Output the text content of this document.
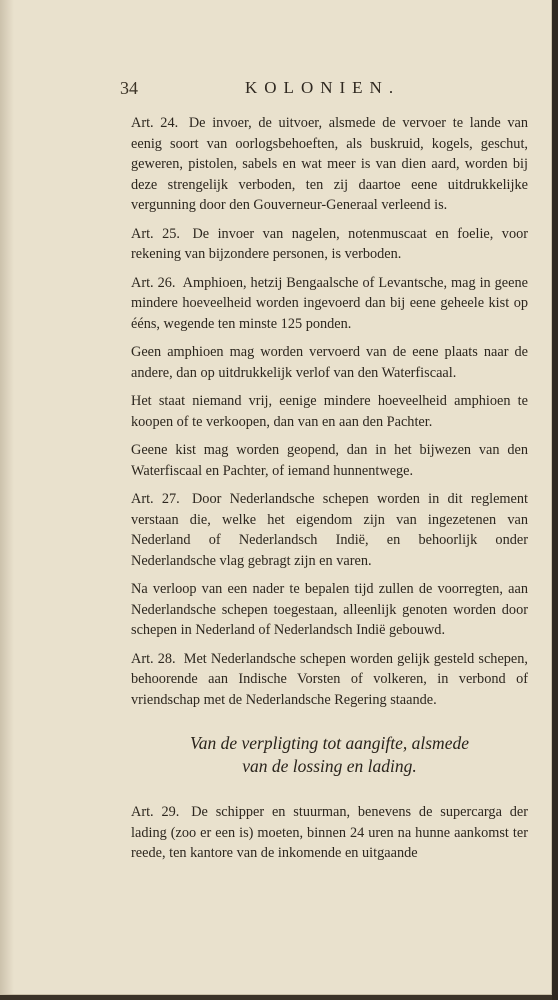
34	KOLONIEN.

Art. 24. De invoer, de uitvoer, alsmede de vervoer te lande van eenig soort van oorlogsbehoeften, als buskruid, kogels, geschut, geweren, pistolen, sabels en wat meer is van dien aard, worden bij deze strengelijk verboden, ten zij daartoe eene uitdrukkelijke vergunning door den Gouverneur-Generaal verleend is.

Art. 25. De invoer van nagelen, notenmuscaat en foelie, voor rekening van bijzondere personen, is verboden.

Art. 26. Amphioen, hetzij Bengaalsche of Levantsche, mag in geene mindere hoeveelheid worden ingevoerd dan bij eene geheele kist op ééns, wegende ten minste 125 ponden.

Geen amphioen mag worden vervoerd van de eene plaats naar de andere, dan op uitdrukkelijk verlof van den Waterfiscaal.

Het staat niemand vrij, eenige mindere hoeveelheid amphioen te koopen of te verkoopen, dan van en aan den Pachter.

Geene kist mag worden geopend, dan in het bijwezen van den Waterfiscaal en Pachter, of iemand hunnentwege.

Art. 27. Door Nederlandsche schepen worden in dit reglement verstaan die, welke het eigendom zijn van ingezetenen van Nederland of Nederlandsch Indië, en behoorlijk onder Nederlandsche vlag gebragt zijn en varen.

Na verloop van een nader te bepalen tijd zullen de voorregten, aan Nederlandsche schepen toegestaan, alleenlijk genoten worden door schepen in Nederland of Nederlandsch Indië gebouwd.

Art. 28. Met Nederlandsche schepen worden gelijk gesteld schepen, behoorende aan Indische Vorsten of volkeren, in verbond of vriendschap met de Nederlandsche Regering staande.

Van de verpligting tot aangifte, alsmede
van de lossing en lading.

Art. 29. De schipper en stuurman, benevens de supercarga der lading (zoo er een is) moeten, binnen 24 uren na hunne aankomst ter reede, ten kantore van de inkomende en uitgaande
